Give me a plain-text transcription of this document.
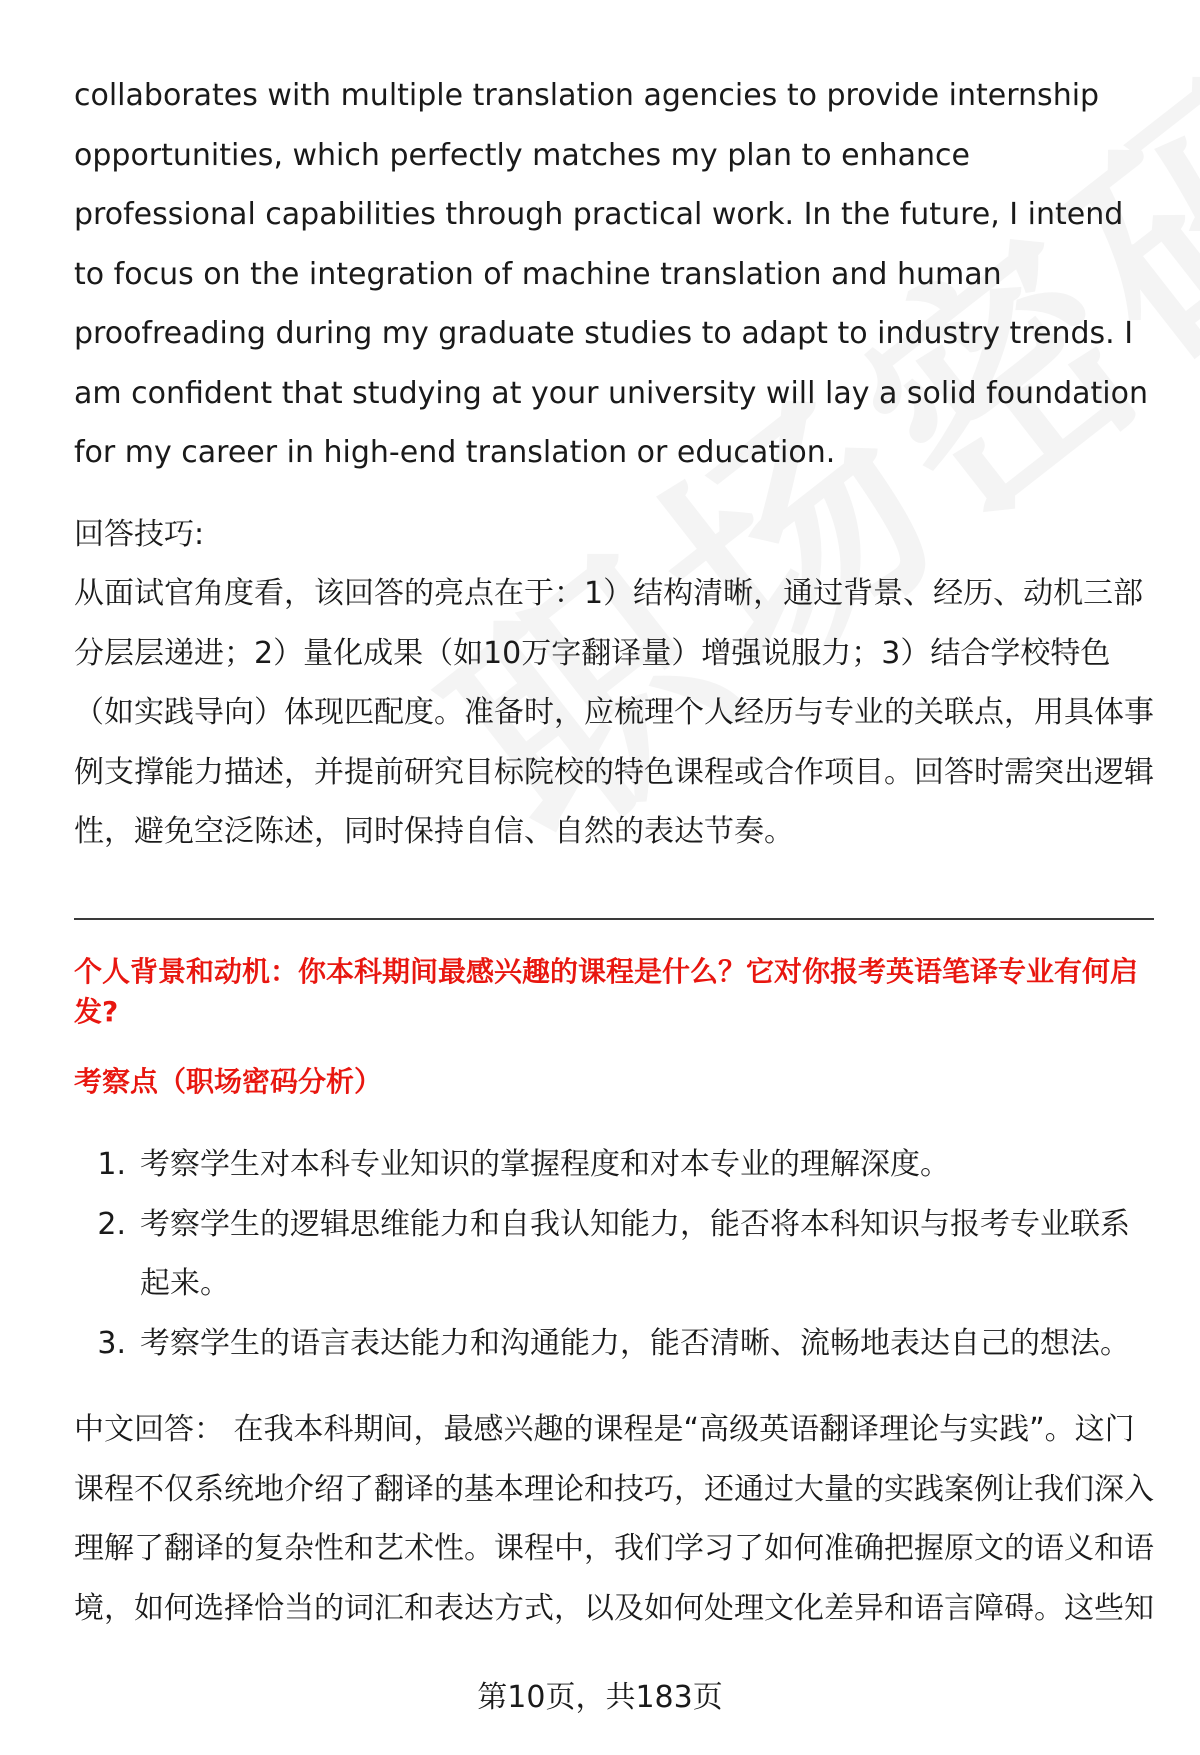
collaborates with multiple translation agencies to provide internship opportunities, which perfectly matches my plan to enhance professional capabilities through practical work. In the future, I intend to focus on the integration of machine translation and human proofreading during my graduate studies to adapt to industry trends. I am confident that studying at your university will lay a solid foundation for my career in high-end translation or education.

回答技巧:

从面试官角度看，该回答的亮点在于：1）结构清晰，通过背景、经历、动机三部分层层递进；2）量化成果（如10万字翻译量）增强说服力；3）结合学校特色（如实践导向）体现匹配度。准备时，应梳理个人经历与专业的关联点，用具体事例支撑能力描述，并提前研究目标院校的特色课程或合作项目。回答时需突出逻辑性，避免空泛陈述，同时保持自信、自然的表达节奏。

个人背景和动机：你本科期间最感兴趣的课程是什么？它对你报考英语笔译专业有何启发?

考察点（职场密码分析）

1. 考察学生对本科专业知识的掌握程度和对本专业的理解深度。
2. 考察学生的逻辑思维能力和自我认知能力，能否将本科知识与报考专业联系起来。
3. 考察学生的语言表达能力和沟通能力，能否清晰、流畅地表达自己的想法。

中文回答： 在我本科期间，最感兴趣的课程是“高级英语翻译理论与实践”。这门课程不仅系统地介绍了翻译的基本理论和技巧，还通过大量的实践案例让我们深入理解了翻译的复杂性和艺术性。课程中，我们学习了如何准确把握原文的语义和语境，如何选择恰当的词汇和表达方式，以及如何处理文化差异和语言障碍。这些知

第10页，共183页
